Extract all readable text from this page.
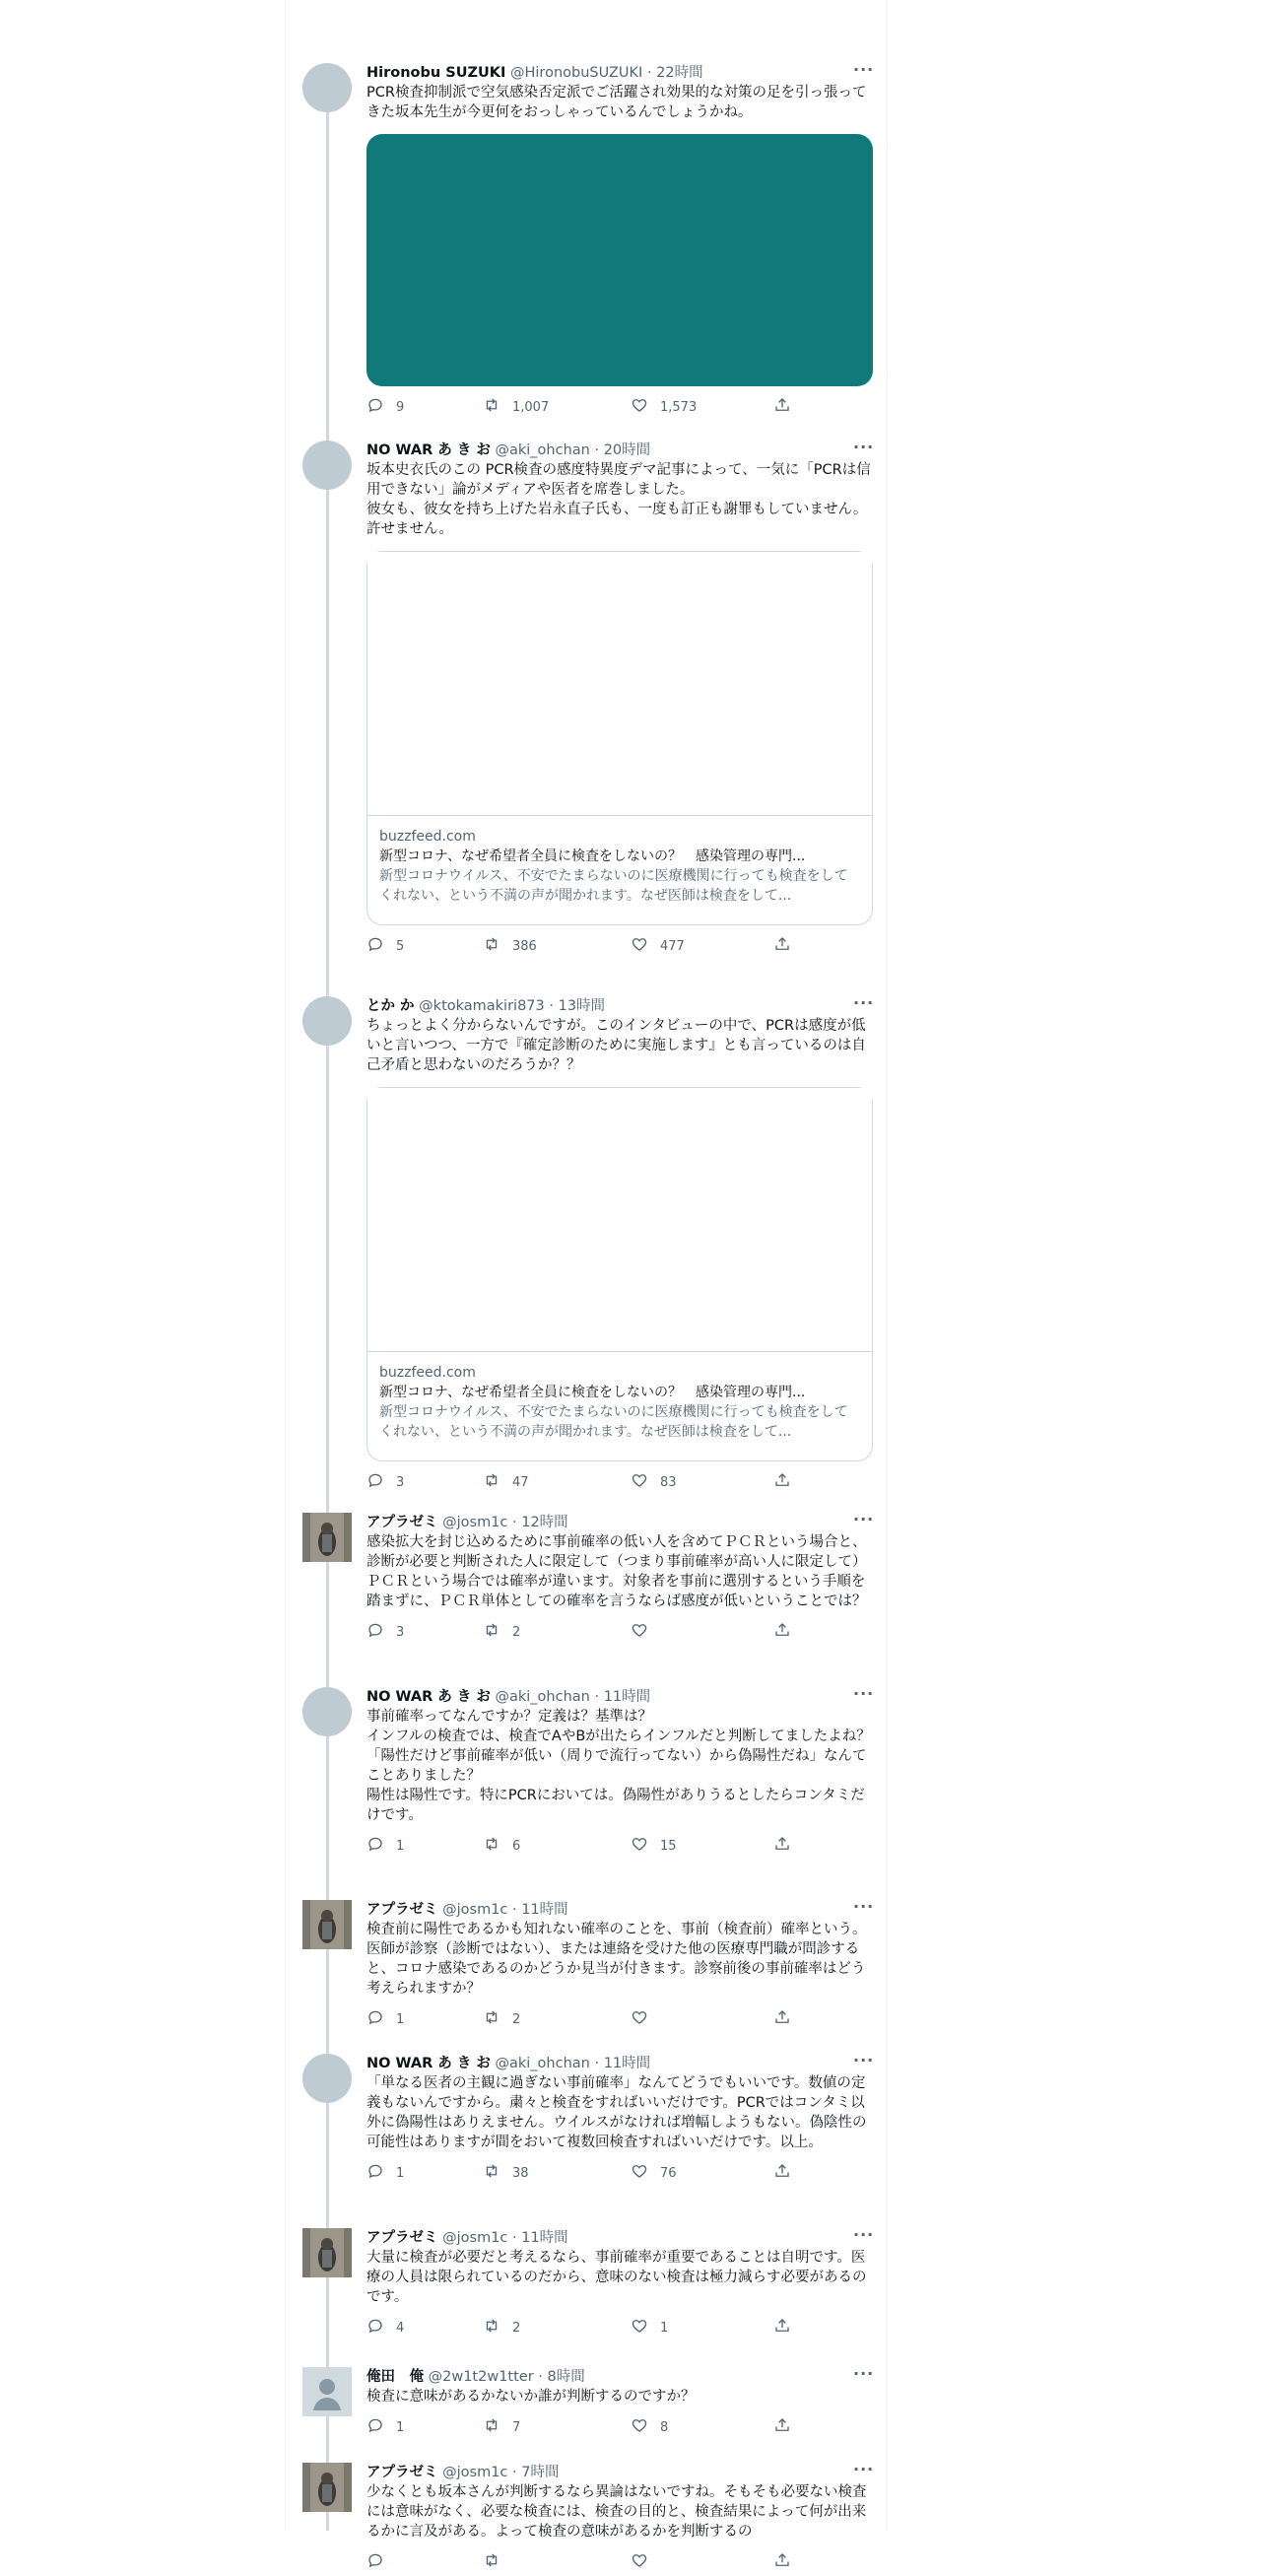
Hironobu SUZUKI @HironobuSUZUKI · 22時間	···
PCR検査抑制派で空気感染否定派でご活躍され効果的な対策の足を引っ張ってきた坂本先生が今更何をおっしゃっているんでしょうかね。
9	1,007	1,573
NO WAR あ き お @aki_ohchan · 20時間	···
坂本史衣氏のこの PCR検査の感度特異度デマ記事によって、一気に「PCRは信用できない」論がメディアや医者を席巻しました。
彼女も、彼女を持ち上げた岩永直子氏も、一度も訂正も謝罪もしていません。
許せません。
buzzfeed.com
新型コロナ、なぜ希望者全員に検査をしないの？　感染管理の専門...
新型コロナウイルス、不安でたまらないのに医療機関に行っても検査をしてくれない、という不満の声が聞かれます。なぜ医師は検査をして...
5	386	477
とか か @ktokamakiri873 · 13時間	···
ちょっとよく分からないんですが。このインタビューの中で、PCRは感度が低いと言いつつ、一方で『確定診断のために実施します』とも言っているのは自己矛盾と思わないのだろうか？？
buzzfeed.com
新型コロナ、なぜ希望者全員に検査をしないの？　感染管理の専門...
新型コロナウイルス、不安でたまらないのに医療機関に行っても検査をしてくれない、という不満の声が聞かれます。なぜ医師は検査をして...
3	47	83
アプラゼミ @josm1c · 12時間	···
感染拡大を封じ込めるために事前確率の低い人を含めてＰＣＲという場合と、診断が必要と判断された人に限定して（つまり事前確率が高い人に限定して）ＰＣＲという場合では確率が違います。対象者を事前に選別するという手順を踏まずに、ＰＣＲ単体としての確率を言うならば感度が低いということでは？
3	2
NO WAR あ き お @aki_ohchan · 11時間	···
事前確率ってなんですか？定義は？基準は？
インフルの検査では、検査でAやBが出たらインフルだと判断してましたよね？
「陽性だけど事前確率が低い（周りで流行ってない）から偽陽性だね」なんてことありました？
陽性は陽性です。特にPCRにおいては。偽陽性がありうるとしたらコンタミだけです。
1	6	15
アプラゼミ @josm1c · 11時間	···
検査前に陽性であるかも知れない確率のことを、事前（検査前）確率という。医師が診察（診断ではない）、または連絡を受けた他の医療専門職が問診すると、コロナ感染であるのかどうか見当が付きます。診察前後の事前確率はどう考えられますか？
1	2
NO WAR あ き お @aki_ohchan · 11時間	···
「単なる医者の主観に過ぎない事前確率」なんてどうでもいいです。数値の定義もないんですから。粛々と検査をすればいいだけです。PCRではコンタミ以外に偽陽性はありえません。ウイルスがなければ増幅しようもない。偽陰性の可能性はありますが間をおいて複数回検査すればいいだけです。以上。
1	38	76
アプラゼミ @josm1c · 11時間	···
大量に検査が必要だと考えるなら、事前確率が重要であることは自明です。医療の人員は限られているのだから、意味のない検査は極力減らす必要があるのです。
4	2	1
俺田　俺 @2w1t2w1tter · 8時間	···
検査に意味があるかないか誰が判断するのですか？
1	7	8
アプラゼミ @josm1c · 7時間	···
少なくとも坂本さんが判断するなら異論はないですね。そもそも必要ない検査には意味がなく、必要な検査には、検査の目的と、検査結果によって何が出来るかに言及がある。よって検査の意味があるかを判断するの
